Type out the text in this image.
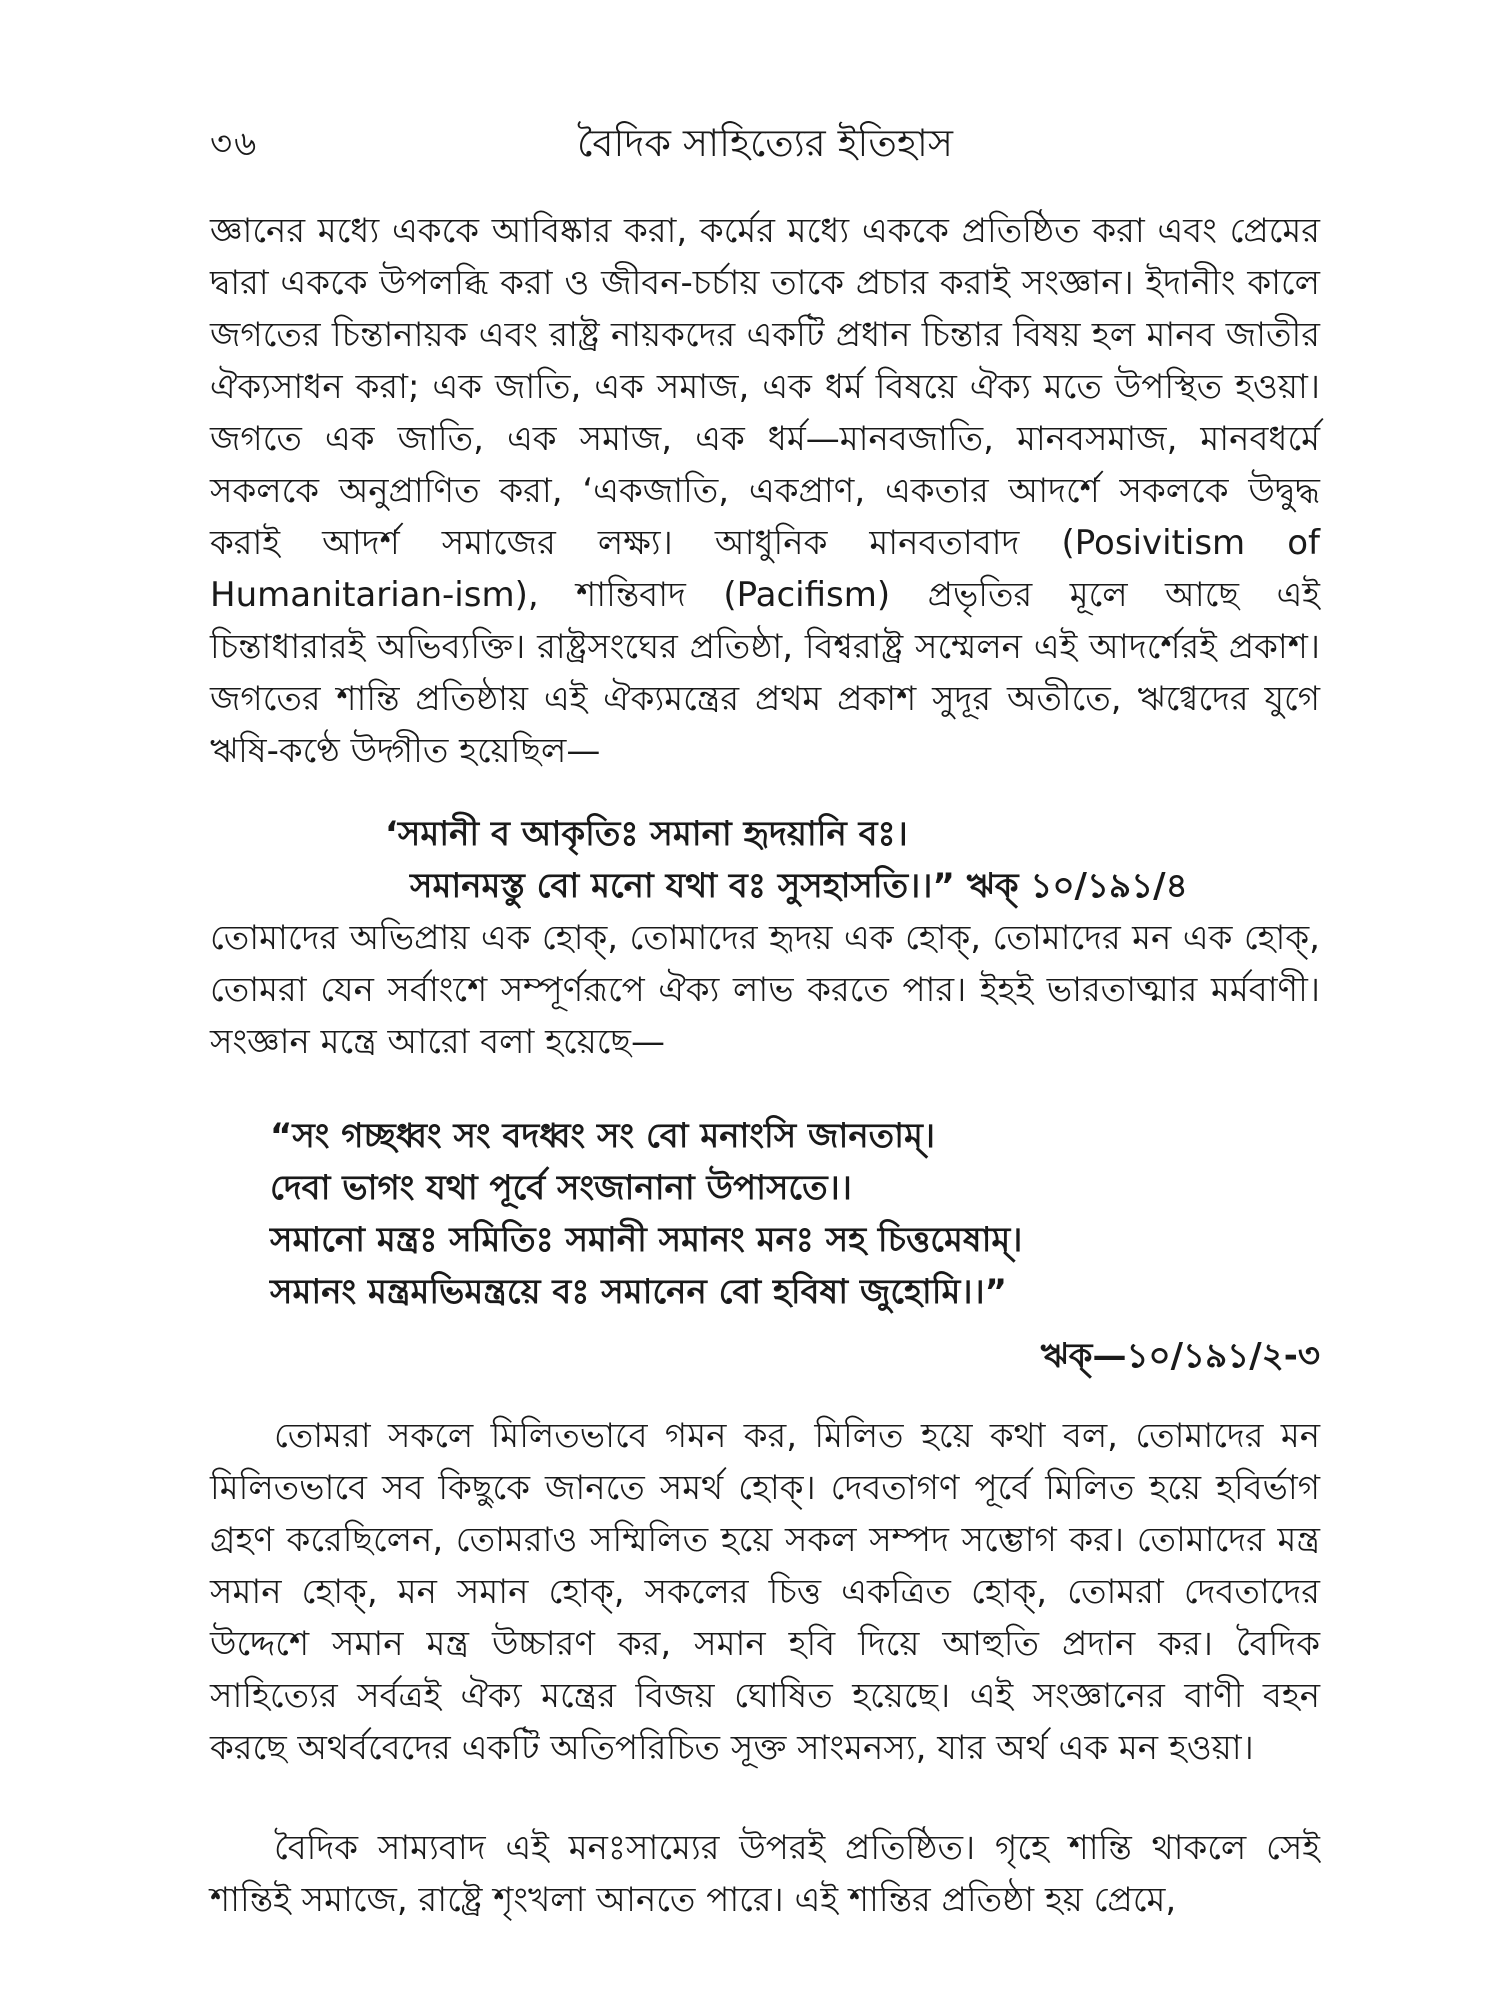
৩৬	বৈদিক সাহিত্যের ইতিহাস

জ্ঞানের মধ্যে এককে আবিষ্কার করা, কর্মের মধ্যে এককে প্রতিষ্ঠিত করা এবং প্রেমের দ্বারা এককে উপলব্ধি করা ও জীবন-চর্চায় তাকে প্রচার করাই সংজ্ঞান। ইদানীং কালে জগতের চিন্তানায়ক এবং রাষ্ট্র নায়কদের একটি প্রধান চিন্তার বিষয় হল মানব জাতীর ঐক্যসাধন করা; এক জাতি, এক সমাজ, এক ধর্ম বিষয়ে ঐক্য মতে উপস্থিত হওয়া। জগতে এক জাতি, এক সমাজ, এক ধর্ম—মানবজাতি, মানবসমাজ, মানবধর্মে সকলকে অনুপ্রাণিত করা, ‘একজাতি, একপ্রাণ, একতার আদর্শে সকলকে উদ্বুদ্ধ করাই আদর্শ সমাজের লক্ষ্য। আধুনিক মানবতাবাদ (Posivitism of Humanitarian-ism), শান্তিবাদ (Pacifism) প্রভৃতির মূলে আছে এই চিন্তাধারারই অভিব্যক্তি। রাষ্ট্রসংঘের প্রতিষ্ঠা, বিশ্বরাষ্ট্র সম্মেলন এই আদর্শেরই প্রকাশ। জগতের শান্তি প্রতিষ্ঠায় এই ঐক্যমন্ত্রের প্রথম প্রকাশ সুদূর অতীতে, ঋগ্বেদের যুগে ঋষি-কণ্ঠে উদ্গীত হয়েছিল—

‘সমানী ব আকৃতিঃ সমানা হৃদয়ানি বঃ।
সমানমস্তু বো মনো যথা বঃ সুসহাসতি।।” ঋক্ ১০/১৯১/৪

তোমাদের অভিপ্রায় এক হোক্, তোমাদের হৃদয় এক হোক্, তোমাদের মন এক হোক্, তোমরা যেন সর্বাংশে সম্পূর্ণরূপে ঐক্য লাভ করতে পার। ইহই ভারতাত্মার মর্মবাণী। সংজ্ঞান মন্ত্রে আরো বলা হয়েছে—

“সং গচ্ছধ্বং সং বদধ্বং সং বো মনাংসি জানতাম্।
দেবা ভাগং যথা পূর্বে সংজানানা উপাসতে।।
সমানো মন্ত্রঃ সমিতিঃ সমানী সমানং মনঃ সহ চিত্তমেষাম্।
সমানং মন্ত্রমভিমন্ত্রয়ে বঃ সমানেন বো হবিষা জুহোমি।।”
ঋক্—১০/১৯১/২-৩

তোমরা সকলে মিলিতভাবে গমন কর, মিলিত হয়ে কথা বল, তোমাদের মন মিলিতভাবে সব কিছুকে জানতে সমর্থ হোক্। দেবতাগণ পূর্বে মিলিত হয়ে হবির্ভাগ গ্রহণ করেছিলেন, তোমরাও সম্মিলিত হয়ে সকল সম্পদ সম্ভোগ কর। তোমাদের মন্ত্র সমান হোক্, মন সমান হোক্, সকলের চিত্ত একত্রিত হোক্, তোমরা দেবতাদের উদ্দেশে সমান মন্ত্র উচ্চারণ কর, সমান হবি দিয়ে আহুতি প্রদান কর। বৈদিক সাহিত্যের সর্বত্রই ঐক্য মন্ত্রের বিজয় ঘোষিত হয়েছে। এই সংজ্ঞানের বাণী বহন করছে অথর্ববেদের একটি অতিপরিচিত সূক্ত সাংমনস্য, যার অর্থ এক মন হওয়া।

বৈদিক সাম্যবাদ এই মনঃসাম্যের উপরই প্রতিষ্ঠিত। গৃহে শান্তি থাকলে সেই শান্তিই সমাজে, রাষ্ট্রে শৃংখলা আনতে পারে। এই শান্তির প্রতিষ্ঠা হয় প্রেমে,
